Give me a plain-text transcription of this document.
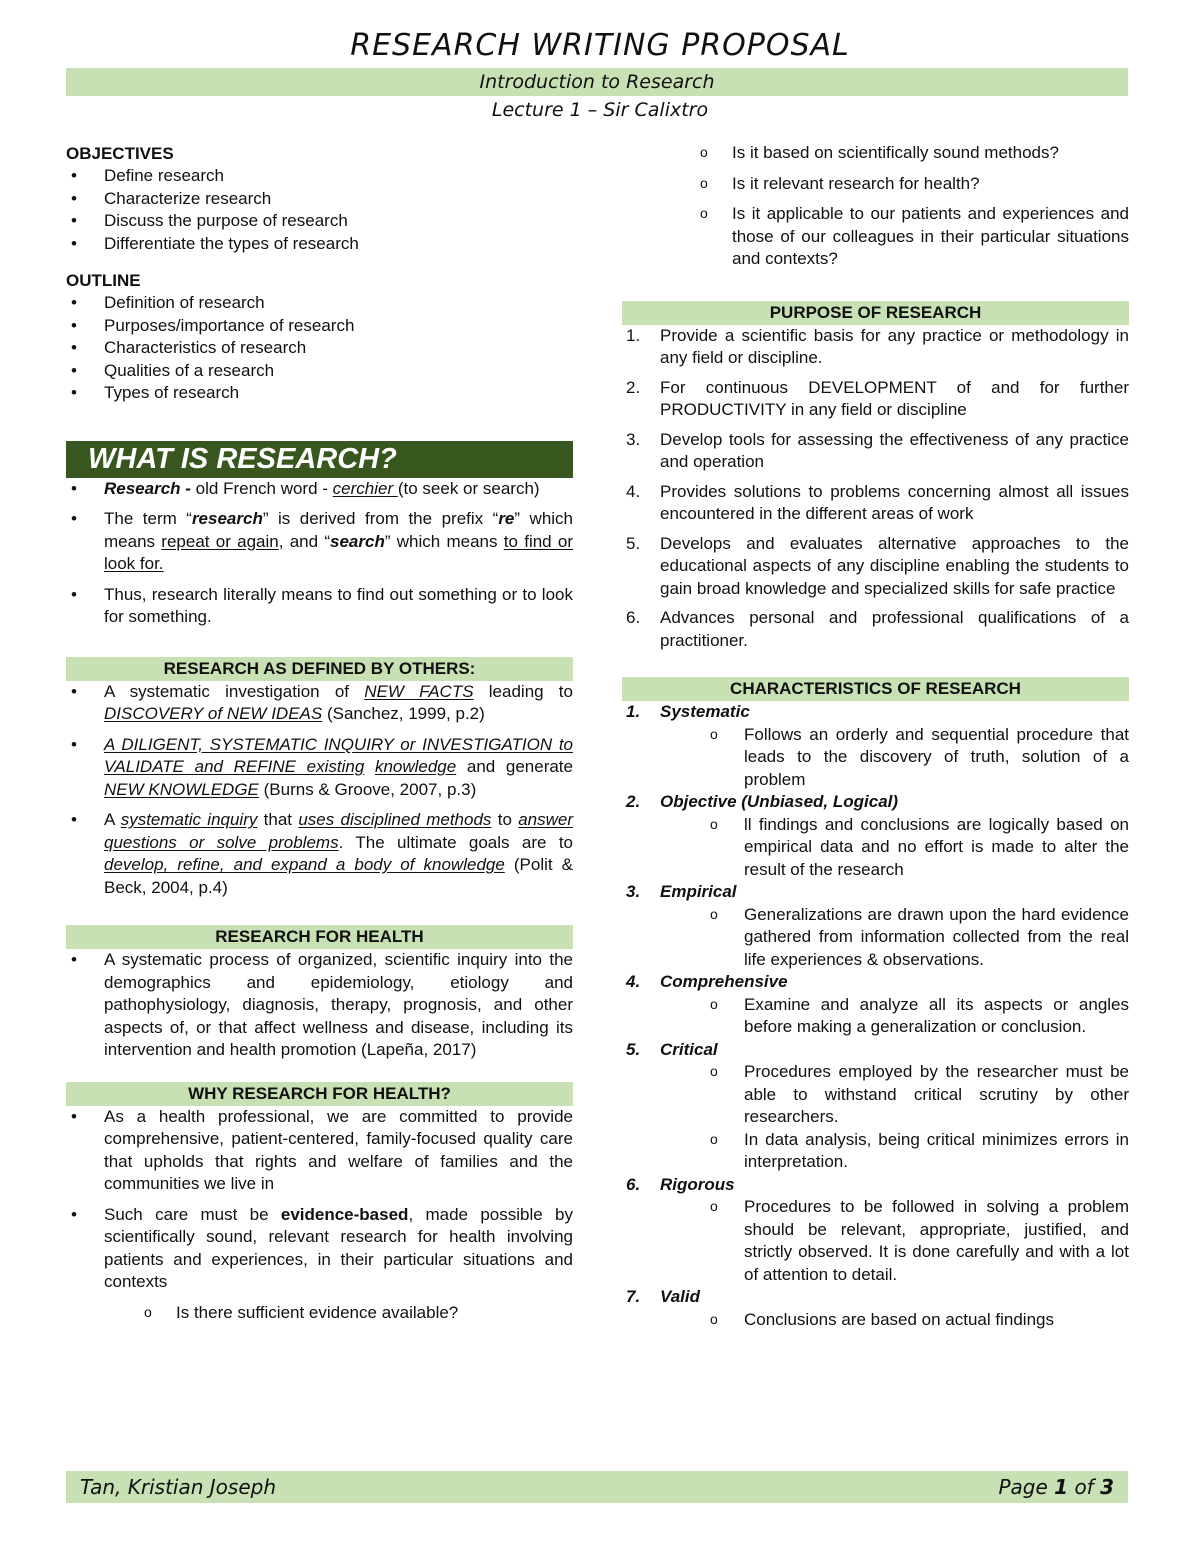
RESEARCH WRITING PROPOSAL
Introduction to Research
Lecture 1 – Sir Calixtro
OBJECTIVES
• Define research
• Characterize research
• Discuss the purpose of research
• Differentiate the types of research
OUTLINE
• Definition of research
• Purposes/importance of research
• Characteristics of research
• Qualities of a research
• Types of research
WHAT IS RESEARCH?
• Research - old French word - cerchier (to seek or search)
• The term “research” is derived from the prefix “re” which means repeat or again, and “search” which means to find or look for.
• Thus, research literally means to find out something or to look for something.
RESEARCH AS DEFINED BY OTHERS:
• A systematic investigation of NEW FACTS leading to DISCOVERY of NEW IDEAS (Sanchez, 1999, p.2)
• A DILIGENT, SYSTEMATIC INQUIRY or INVESTIGATION to VALIDATE and REFINE existing knowledge and generate NEW KNOWLEDGE (Burns & Groove, 2007, p.3)
• A systematic inquiry that uses disciplined methods to answer questions or solve problems. The ultimate goals are to develop, refine, and expand a body of knowledge (Polit & Beck, 2004, p.4)
RESEARCH FOR HEALTH
• A systematic process of organized, scientific inquiry into the demographics and epidemiology, etiology and pathophysiology, diagnosis, therapy, prognosis, and other aspects of, or that affect wellness and disease, including its intervention and health promotion (Lapeña, 2017)
WHY RESEARCH FOR HEALTH?
• As a health professional, we are committed to provide comprehensive, patient-centered, family-focused quality care that upholds that rights and welfare of families and the communities we live in
• Such care must be evidence-based, made possible by scientifically sound, relevant research for health involving patients and experiences, in their particular situations and contexts
o Is there sufficient evidence available?
o Is it based on scientifically sound methods?
o Is it relevant research for health?
o Is it applicable to our patients and experiences and those of our colleagues in their particular situations and contexts?
PURPOSE OF RESEARCH
1. Provide a scientific basis for any practice or methodology in any field or discipline.
2. For continuous DEVELOPMENT of and for further PRODUCTIVITY in any field or discipline
3. Develop tools for assessing the effectiveness of any practice and operation
4. Provides solutions to problems concerning almost all issues encountered in the different areas of work
5. Develops and evaluates alternative approaches to the educational aspects of any discipline enabling the students to gain broad knowledge and specialized skills for safe practice
6. Advances personal and professional qualifications of a practitioner.
CHARACTERISTICS OF RESEARCH
1. Systematic
o Follows an orderly and sequential procedure that leads to the discovery of truth, solution of a problem
2. Objective (Unbiased, Logical)
o ll findings and conclusions are logically based on empirical data and no effort is made to alter the result of the research
3. Empirical
o Generalizations are drawn upon the hard evidence gathered from information collected from the real life experiences & observations.
4. Comprehensive
o Examine and analyze all its aspects or angles before making a generalization or conclusion.
5. Critical
o Procedures employed by the researcher must be able to withstand critical scrutiny by other researchers.
o In data analysis, being critical minimizes errors in interpretation.
6. Rigorous
o Procedures to be followed in solving a problem should be relevant, appropriate, justified, and strictly observed. It is done carefully and with a lot of attention to detail.
7. Valid
o Conclusions are based on actual findings
Tan, Kristian Joseph	Page 1 of 3
